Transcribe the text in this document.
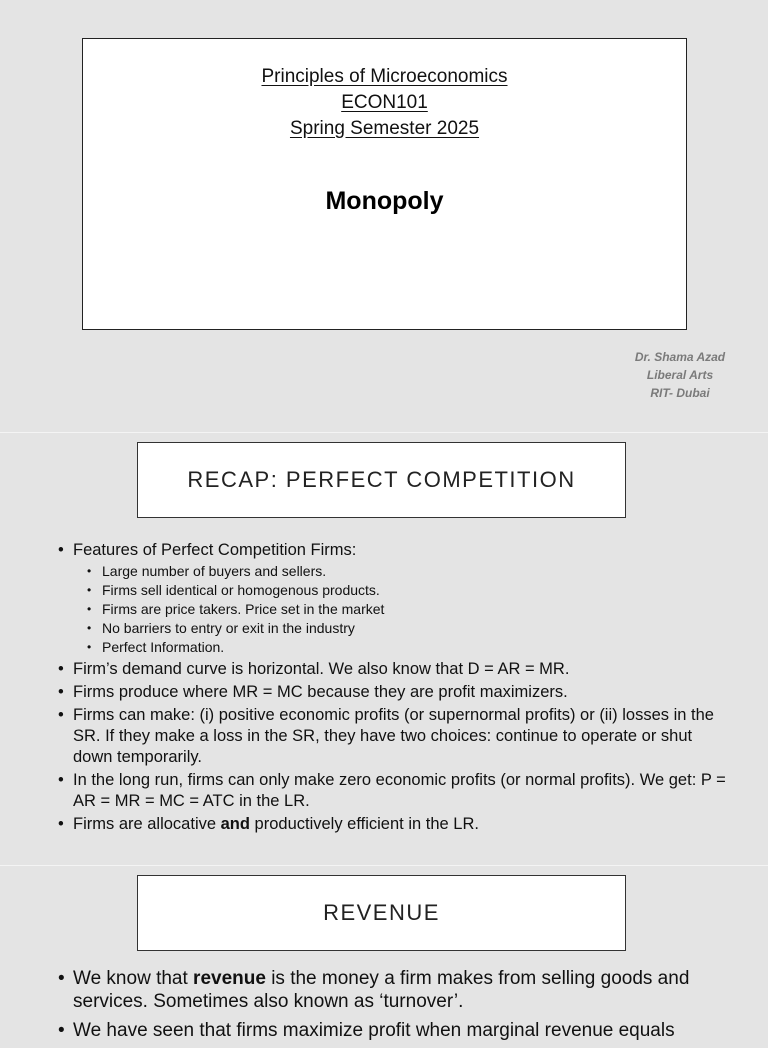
Principles of Microeconomics
ECON101
Spring Semester 2025
Monopoly
Dr. Shama Azad
Liberal Arts
RIT- Dubai
RECAP: PERFECT COMPETITION
• Features of Perfect Competition Firms:
• Large number of buyers and sellers.
• Firms sell identical or homogenous products.
• Firms are price takers. Price set in the market
• No barriers to entry or exit in the industry
• Perfect Information.
• Firm’s demand curve is horizontal. We also know that D = AR = MR.
• Firms produce where MR = MC because they are profit maximizers.
• Firms can make: (i) positive economic profits (or supernormal profits) or (ii) losses in the SR. If they make a loss in the SR, they have two choices: continue to operate or shut down temporarily.
• In the long run, firms can only make zero economic profits (or normal profits). We get: P = AR = MR = MC = ATC in the LR.
• Firms are allocative and productively efficient in the LR.
REVENUE
• We know that revenue is the money a firm makes from selling goods and services. Sometimes also known as ‘turnover’.
• We have seen that firms maximize profit when marginal revenue equals
